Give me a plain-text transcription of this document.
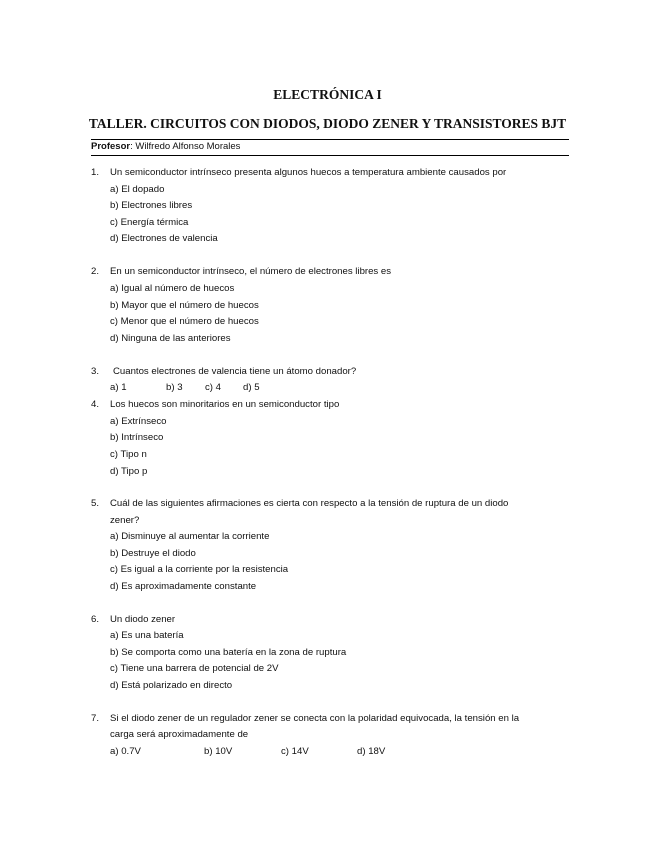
ELECTRÓNICA I
TALLER. CIRCUITOS CON DIODOS, DIODO ZENER Y TRANSISTORES BJT
Profesor: Wilfredo Alfonso Morales
1. Un semiconductor intrínseco presenta algunos huecos a temperatura ambiente causados por
a) El dopado
b) Electrones libres
c) Energía térmica
d) Electrones de valencia
2. En un semiconductor intrínseco, el número de electrones libres es
a) Igual al número de huecos
b) Mayor que el número de huecos
c) Menor que el número de huecos
d) Ninguna de las anteriores
3. Cuantos electrones de valencia tiene un átomo donador?
a) 1	b) 3 c) 4 d) 5
4. Los huecos son minoritarios en un semiconductor tipo
a) Extrínseco
b) Intrínseco
c) Tipo n
d) Tipo p
5. Cuál de las siguientes afirmaciones es cierta con respecto a la tensión de ruptura de un diodo
zener?
a) Disminuye al aumentar la corriente
b) Destruye el diodo
c) Es igual a la corriente por la resistencia
d) Es aproximadamente constante
6. Un diodo zener
a) Es una batería
b) Se comporta como una batería en la zona de ruptura
c) Tiene una barrera de potencial de 2V
d) Está polarizado en directo
7. Si el diodo zener de un regulador zener se conecta con la polaridad equivocada, la tensión en la
carga será aproximadamente de
a) 0.7V	b) 10V	c) 14V	d) 18V
